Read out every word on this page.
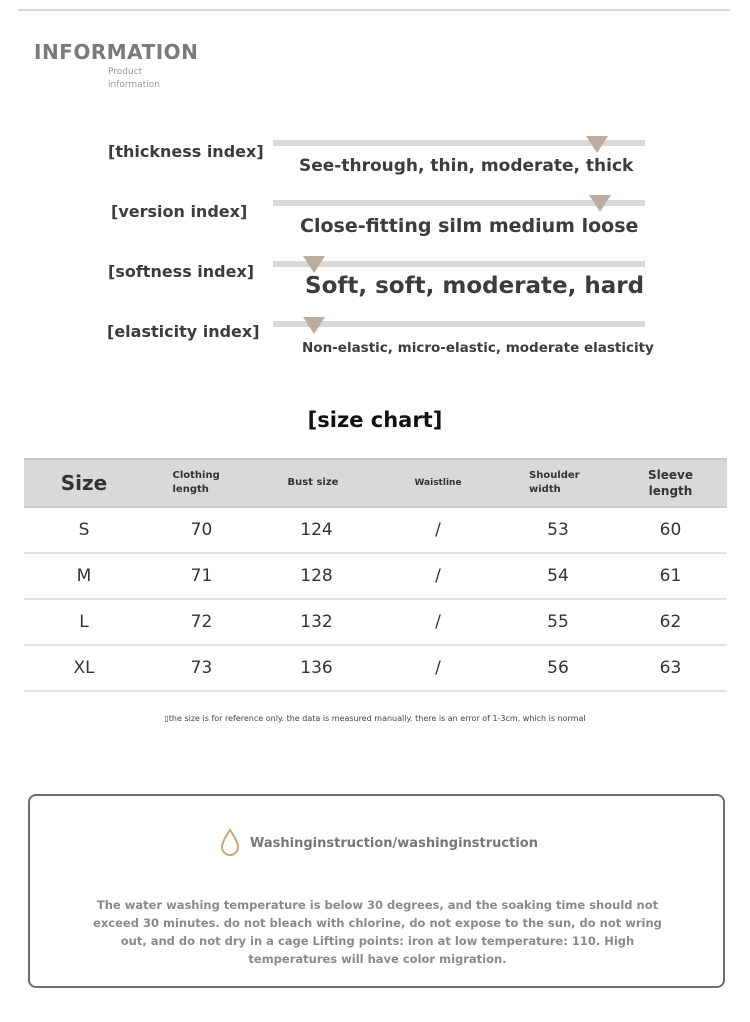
INFORMATION
Product information
[thickness index]
See-through, thin, moderate, thick
[version index]
Close-fitting silm medium loose
[softness index]
Soft, soft, moderate, hard
[elasticity index]
Non-elastic, micro-elastic, moderate elasticity
[size chart]
Size	Clothing length	Bust size	Waistline	Shoulder width	Sleeve length
S	70	124	/	53	60
M	71	128	/	54	61
L	72	132	/	55	62
XL	73	136	/	56	63
▯the size is for reference only. the data is measured manually. there is an error of 1-3cm, which is normal
Washinginstruction/washinginstruction
The water washing temperature is below 30 degrees, and the soaking time should not exceed 30 minutes. do not bleach with chlorine, do not expose to the sun, do not wring out, and do not dry in a cage Lifting points: iron at low temperature: 110. High temperatures will have color migration.
